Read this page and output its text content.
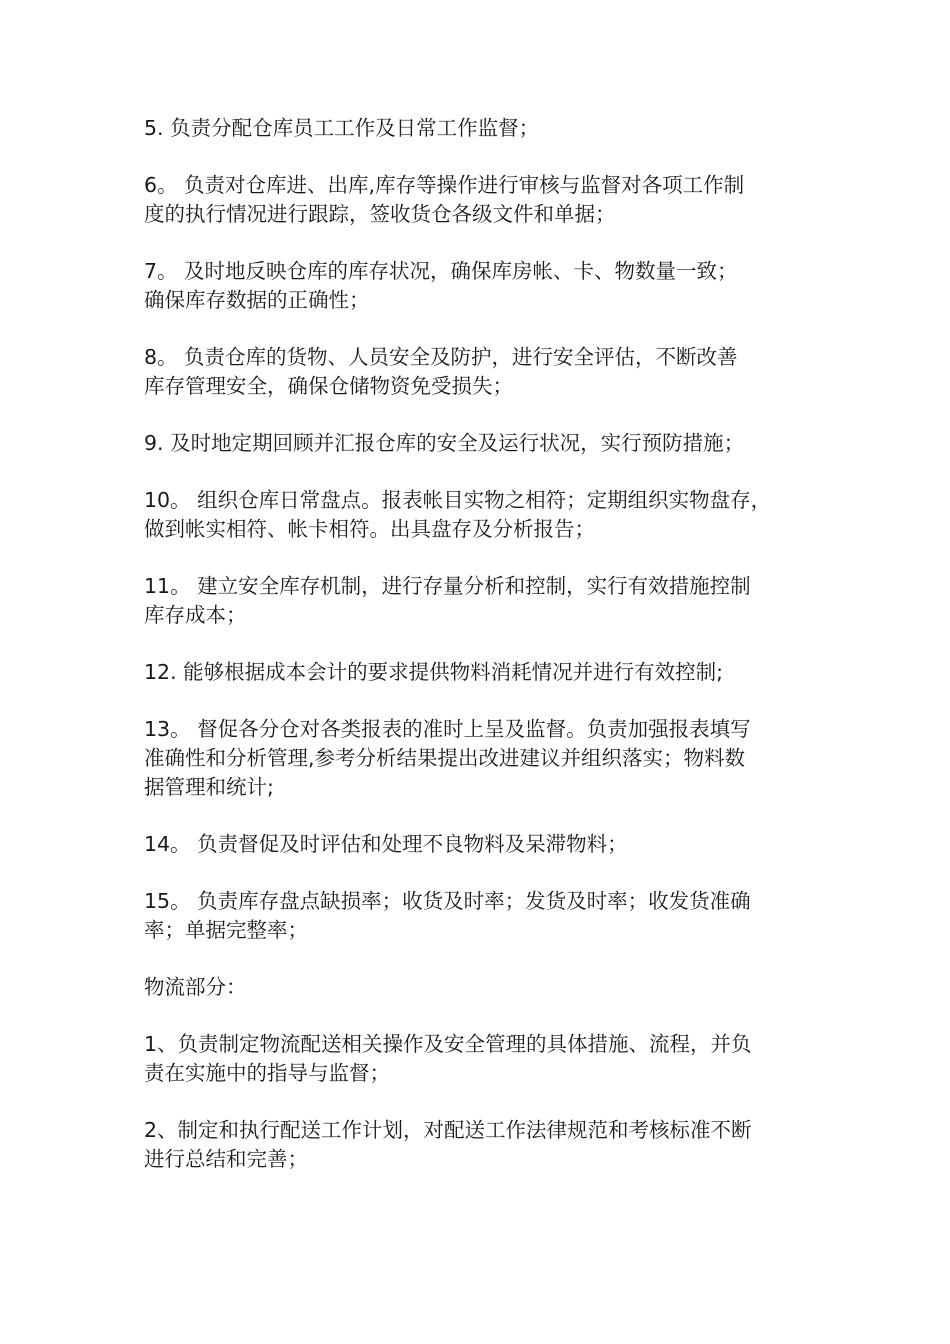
5. 负责分配仓库员工工作及日常工作监督；

6。 负责对仓库进、出库,库存等操作进行审核与监督对各项工作制
度的执行情况进行跟踪，签收货仓各级文件和单据；

7。 及时地反映仓库的库存状况，确保库房帐、卡、物数量一致；
确保库存数据的正确性；

8。 负责仓库的货物、人员安全及防护，进行安全评估，不断改善
库存管理安全，确保仓储物资免受损失；

9. 及时地定期回顾并汇报仓库的安全及运行状况，实行预防措施；

10。 组织仓库日常盘点。报表帐目实物之相符；定期组织实物盘存，
做到帐实相符、帐卡相符。出具盘存及分析报告；

11。 建立安全库存机制，进行存量分析和控制，实行有效措施控制
库存成本；

12. 能够根据成本会计的要求提供物料消耗情况并进行有效控制;

13。 督促各分仓对各类报表的准时上呈及监督。负责加强报表填写
准确性和分析管理,参考分析结果提出改进建议并组织落实；物料数
据管理和统计;

14。 负责督促及时评估和处理不良物料及呆滞物料；

15。 负责库存盘点缺损率；收货及时率；发货及时率；收发货准确
率；单据完整率；

物流部分：

1、负责制定物流配送相关操作及安全管理的具体措施、流程，并负
责在实施中的指导与监督；

2、制定和执行配送工作计划，对配送工作法律规范和考核标准不断
进行总结和完善；
